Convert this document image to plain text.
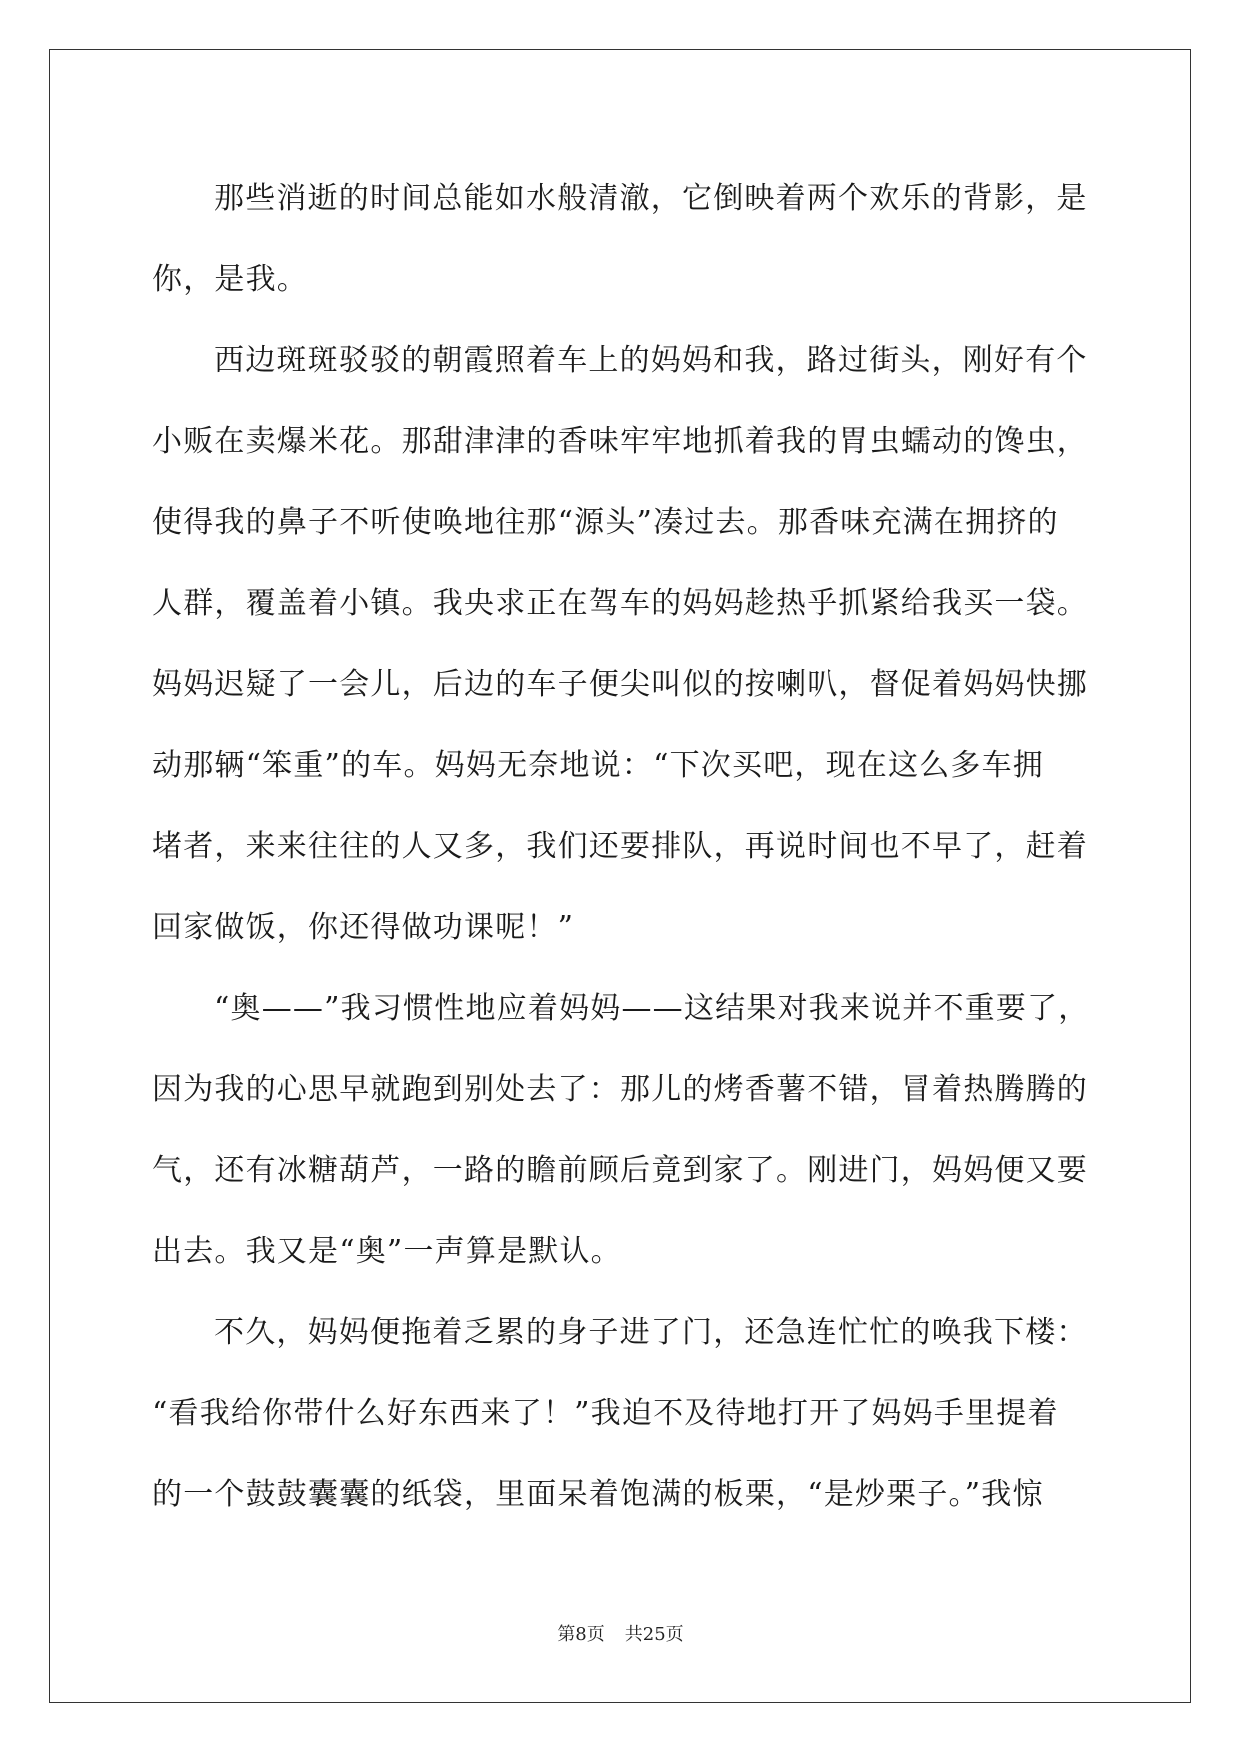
那些消逝的时间总能如水般清澈，它倒映着两个欢乐的背影，是
你，是我。
西边斑斑驳驳的朝霞照着车上的妈妈和我，路过街头，刚好有个
小贩在卖爆米花。那甜津津的香味牢牢地抓着我的胃虫蠕动的馋虫，
使得我的鼻子不听使唤地往那“源头”凑过去。那香味充满在拥挤的
人群，覆盖着小镇。我央求正在驾车的妈妈趁热乎抓紧给我买一袋。
妈妈迟疑了一会儿，后边的车子便尖叫似的按喇叭，督促着妈妈快挪
动那辆“笨重”的车。妈妈无奈地说：“下次买吧，现在这么多车拥
堵者，来来往往的人又多，我们还要排队，再说时间也不早了，赶着
回家做饭，你还得做功课呢！”
“奥——”我习惯性地应着妈妈——这结果对我来说并不重要了，
因为我的心思早就跑到别处去了：那儿的烤香薯不错，冒着热腾腾的
气，还有冰糖葫芦，一路的瞻前顾后竟到家了。刚进门，妈妈便又要
出去。我又是“奥”一声算是默认。
不久，妈妈便拖着乏累的身子进了门，还急连忙忙的唤我下楼：
“看我给你带什么好东西来了！”我迫不及待地打开了妈妈手里提着
的一个鼓鼓囊囊的纸袋，里面呆着饱满的板栗，“是炒栗子。”我惊
第8页 共25页
